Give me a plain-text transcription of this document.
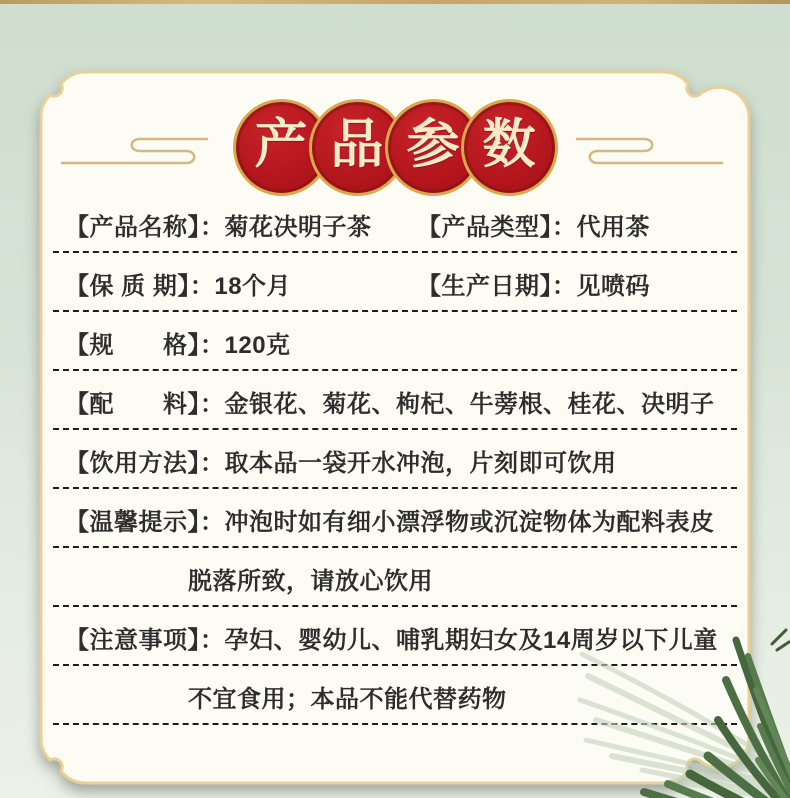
产 品 参 数
【产品名称】： 菊花决明子茶 【产品类型】： 代用茶
【保 质 期】： 18个月	【生产日期】： 见喷码
【规　　格】： 120克
【配　　料】： 金银花、菊花、枸杞、牛蒡根、桂花、决明子
【饮用方法】： 取本品一袋开水冲泡，片刻即可饮用
【温馨提示】： 冲泡时如有细小漂浮物或沉淀物体为配料表皮
脱落所致，请放心饮用
【注意事项】： 孕妇、婴幼儿、哺乳期妇女及14周岁以下儿童
不宜食用；本品不能代替药物
